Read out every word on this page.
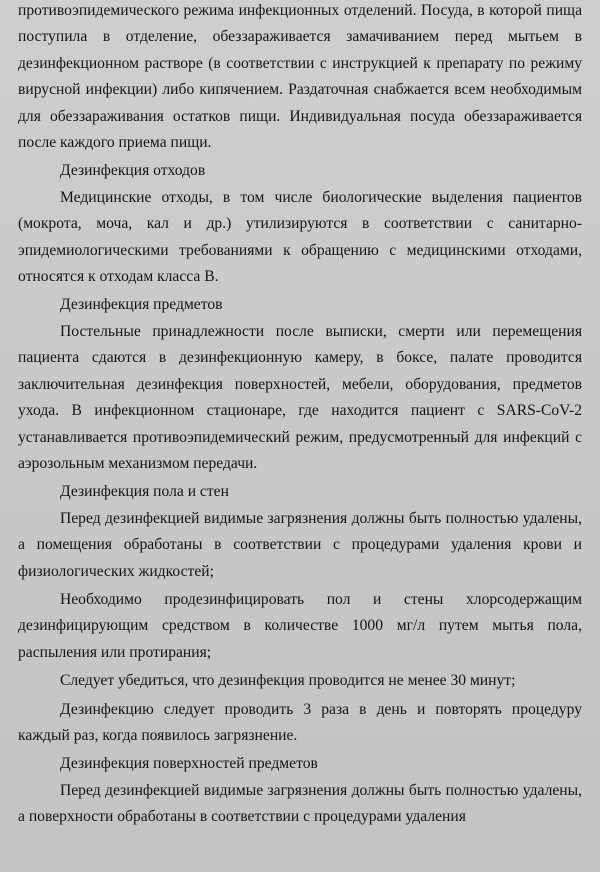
противоэпидемического режима инфекционных отделений. Посуда, в которой пища поступила в отделение, обеззараживается замачиванием перед мытьем в дезинфекционном растворе (в соответствии с инструкцией к препарату по режиму вирусной инфекции) либо кипячением. Раздаточная снабжается всем необходимым для обеззараживания остатков пищи. Индивидуальная посуда обеззараживается после каждого приема пищи.

Дезинфекция отходов

Медицинские отходы, в том числе биологические выделения пациентов (мокрота, моча, кал и др.) утилизируются в соответствии с санитарно-эпидемиологическими требованиями к обращению с медицинскими отходами, относятся к отходам класса В.

Дезинфекция предметов

Постельные принадлежности после выписки, смерти или перемещения пациента сдаются в дезинфекционную камеру, в боксе, палате проводится заключительная дезинфекция поверхностей, мебели, оборудования, предметов ухода. В инфекционном стационаре, где находится пациент с SARS-CoV-2 устанавливается противоэпидемический режим, предусмотренный для инфекций с аэрозольным механизмом передачи.

Дезинфекция пола и стен

Перед дезинфекцией видимые загрязнения должны быть полностью удалены, а помещения обработаны в соответствии с процедурами удаления крови и физиологических жидкостей;

Необходимо продезинфицировать пол и стены хлорсодержащим дезинфицирующим средством в количестве 1000 мг/л путем мытья пола, распыления или протирания;

Следует убедиться, что дезинфекция проводится не менее 30 минут;

Дезинфекцию следует проводить 3 раза в день и повторять процедуру каждый раз, когда появилось загрязнение.

Дезинфекция поверхностей предметов

Перед дезинфекцией видимые загрязнения должны быть полностью удалены, а поверхности обработаны в соответствии с процедурами удаления
